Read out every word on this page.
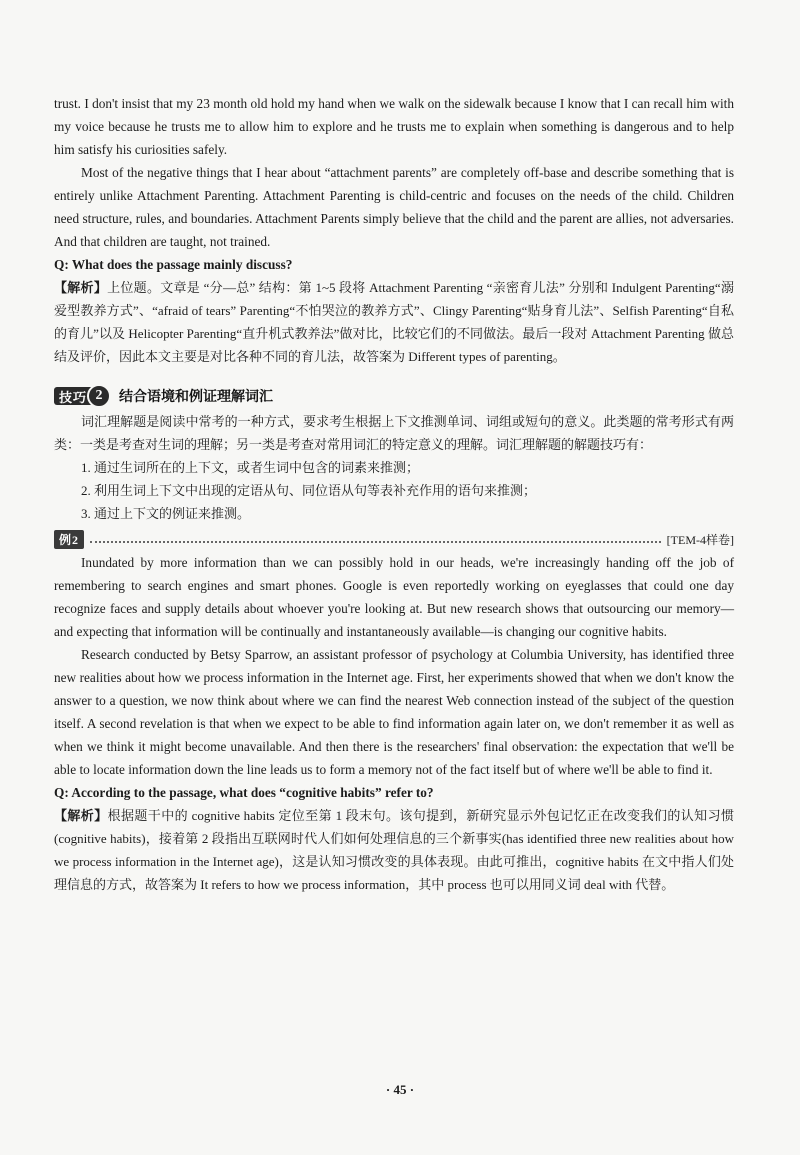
trust. I don't insist that my 23 month old hold my hand when we walk on the sidewalk because I know that I can recall him with my voice because he trusts me to allow him to explore and he trusts me to explain when something is dangerous and to help him satisfy his curiosities safely.

Most of the negative things that I hear about “attachment parents” are completely off-base and describe something that is entirely unlike Attachment Parenting. Attachment Parenting is child-centric and focuses on the needs of the child. Children need structure, rules, and boundaries. Attachment Parents simply believe that the child and the parent are allies, not adversaries. And that children are taught, not trained.

Q: What does the passage mainly discuss?

【解析】上位题。文章是 “分—总” 结构：第 1~5 段将 Attachment Parenting “亲密育儿法” 分别和 Indulgent Parenting“溺爱型教养方式”、“afraid of tears” Parenting“不怕哭泣的教养方式”、Clingy Parenting“贴身育儿法”、Selfish Parenting“自私的育儿”以及 Helicopter Parenting“直升机式教养法”做对比，比较它们的不同做法。最后一段对 Attachment Parenting 做总结及评价，因此本文主要是对比各种不同的育儿法，故答案为 Different types of parenting。

技巧 2	结合语境和例证理解词汇

词汇理解题是阅读中常考的一种方式，要求考生根据上下文推测单词、词组或短句的意义。此类题的常考形式有两类：一类是考查对生词的理解；另一类是考查对常用词汇的特定意义的理解。词汇理解题的解题技巧有：

1. 通过生词所在的上下文，或者生词中包含的词素来推测；
2. 利用生词上下文中出现的定语从句、同位语从句等表补充作用的语句来推测；
3. 通过上下文的例证来推测。
例2	[TEM-4样卷]

Inundated by more information than we can possibly hold in our heads, we're increasingly handing off the job of remembering to search engines and smart phones. Google is even reportedly working on eyeglasses that could one day recognize faces and supply details about whoever you're looking at. But new research shows that outsourcing our memory—and expecting that information will be continually and instantaneously available—is changing our cognitive habits.

Research conducted by Betsy Sparrow, an assistant professor of psychology at Columbia University, has identified three new realities about how we process information in the Internet age. First, her experiments showed that when we don't know the answer to a question, we now think about where we can find the nearest Web connection instead of the subject of the question itself. A second revelation is that when we expect to be able to find information again later on, we don't remember it as well as when we think it might become unavailable. And then there is the researchers' final observation: the expectation that we'll be able to locate information down the line leads us to form a memory not of the fact itself but of where we'll be able to find it.

Q: According to the passage, what does “cognitive habits” refer to?

【解析】根据题干中的 cognitive habits 定位至第 1 段末句。该句提到，新研究显示外包记忆正在改变我们的认知习惯(cognitive habits)，接着第 2 段指出互联网时代人们如何处理信息的三个新事实(has identified three new realities about how we process information in the Internet age)，这是认知习惯改变的具体表现。由此可推出，cognitive habits 在文中指人们处理信息的方式，故答案为 It refers to how we process information，其中 process 也可以用同义词 deal with 代替。

· 45 ·
